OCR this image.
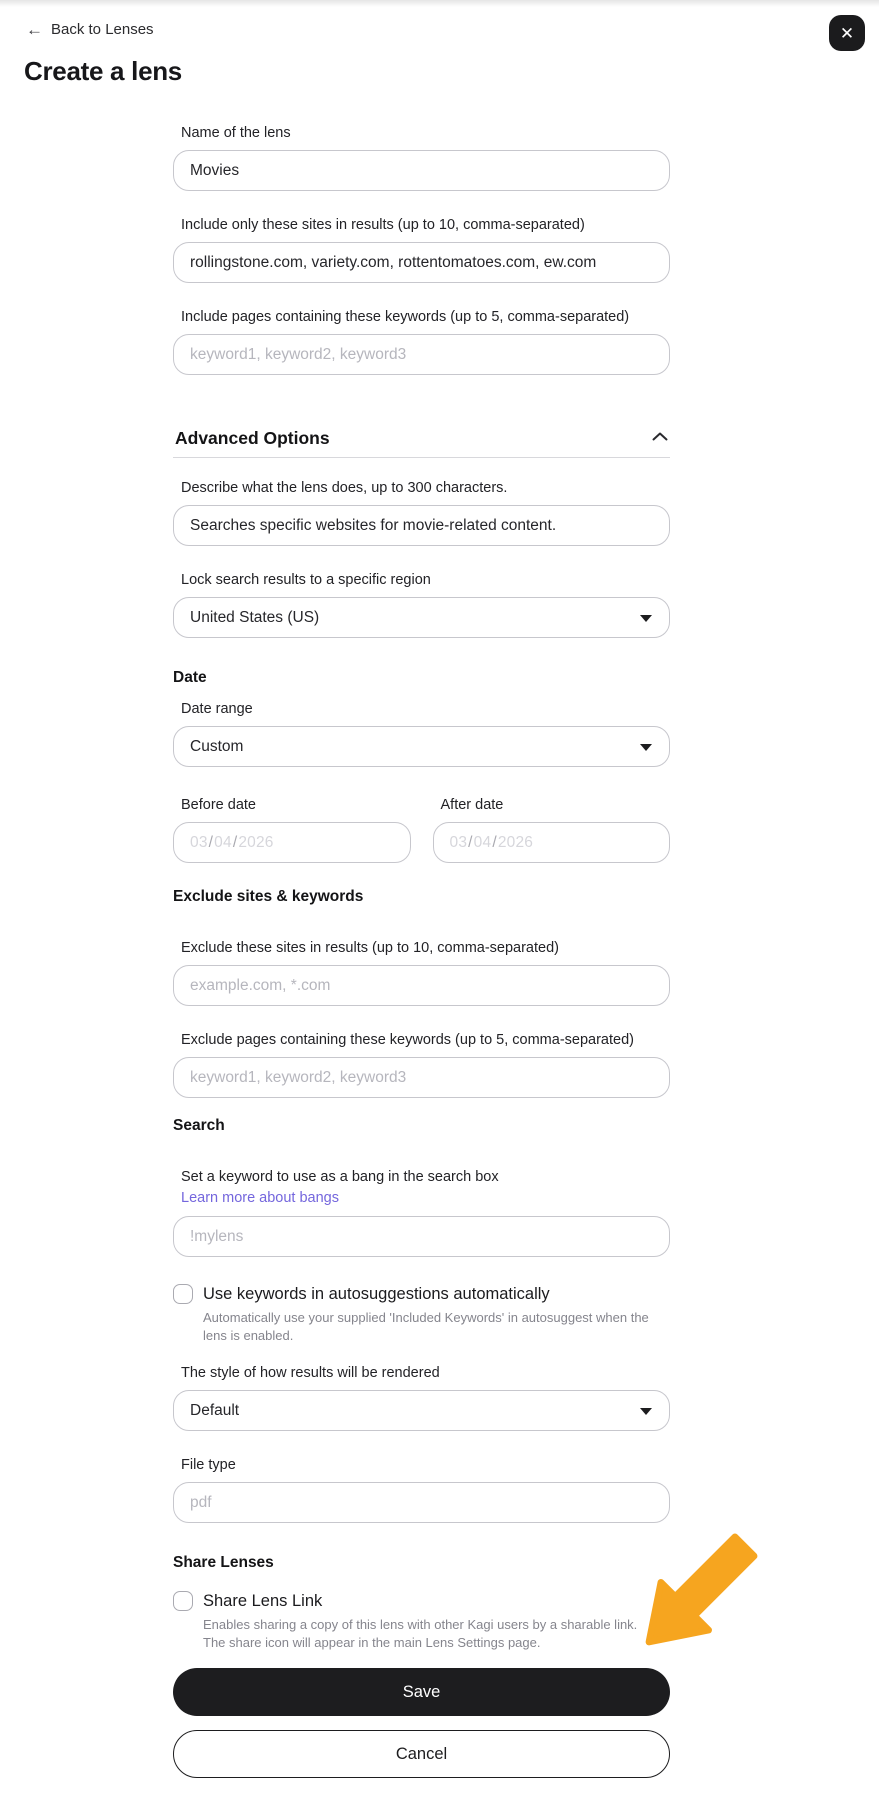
← Back to Lenses
Create a lens
✕
Name of the lens
Movies
Include only these sites in results (up to 10, comma-separated)
rollingstone.com, variety.com, rottentomatoes.com, ew.com
Include pages containing these keywords (up to 5, comma-separated)
keyword1, keyword2, keyword3
Advanced Options
Describe what the lens does, up to 300 characters.
Searches specific websites for movie-related content.
Lock search results to a specific region
United States (US)
Date
Date range
Custom
Before date
03 / 04 / 2026
After date
03 / 04 / 2026
Exclude sites & keywords
Exclude these sites in results (up to 10, comma-separated)
example.com, *.com
Exclude pages containing these keywords (up to 5, comma-separated)
keyword1, keyword2, keyword3
Search
Set a keyword to use as a bang in the search box
Learn more about bangs
!mylens
Use keywords in autosuggestions automatically
Automatically use your supplied 'Included Keywords' in autosuggest when the lens is enabled.
The style of how results will be rendered
Default
File type
pdf
Share Lenses
Share Lens Link
Enables sharing a copy of this lens with other Kagi users by a sharable link.
The share icon will appear in the main Lens Settings page.
Save
Cancel
